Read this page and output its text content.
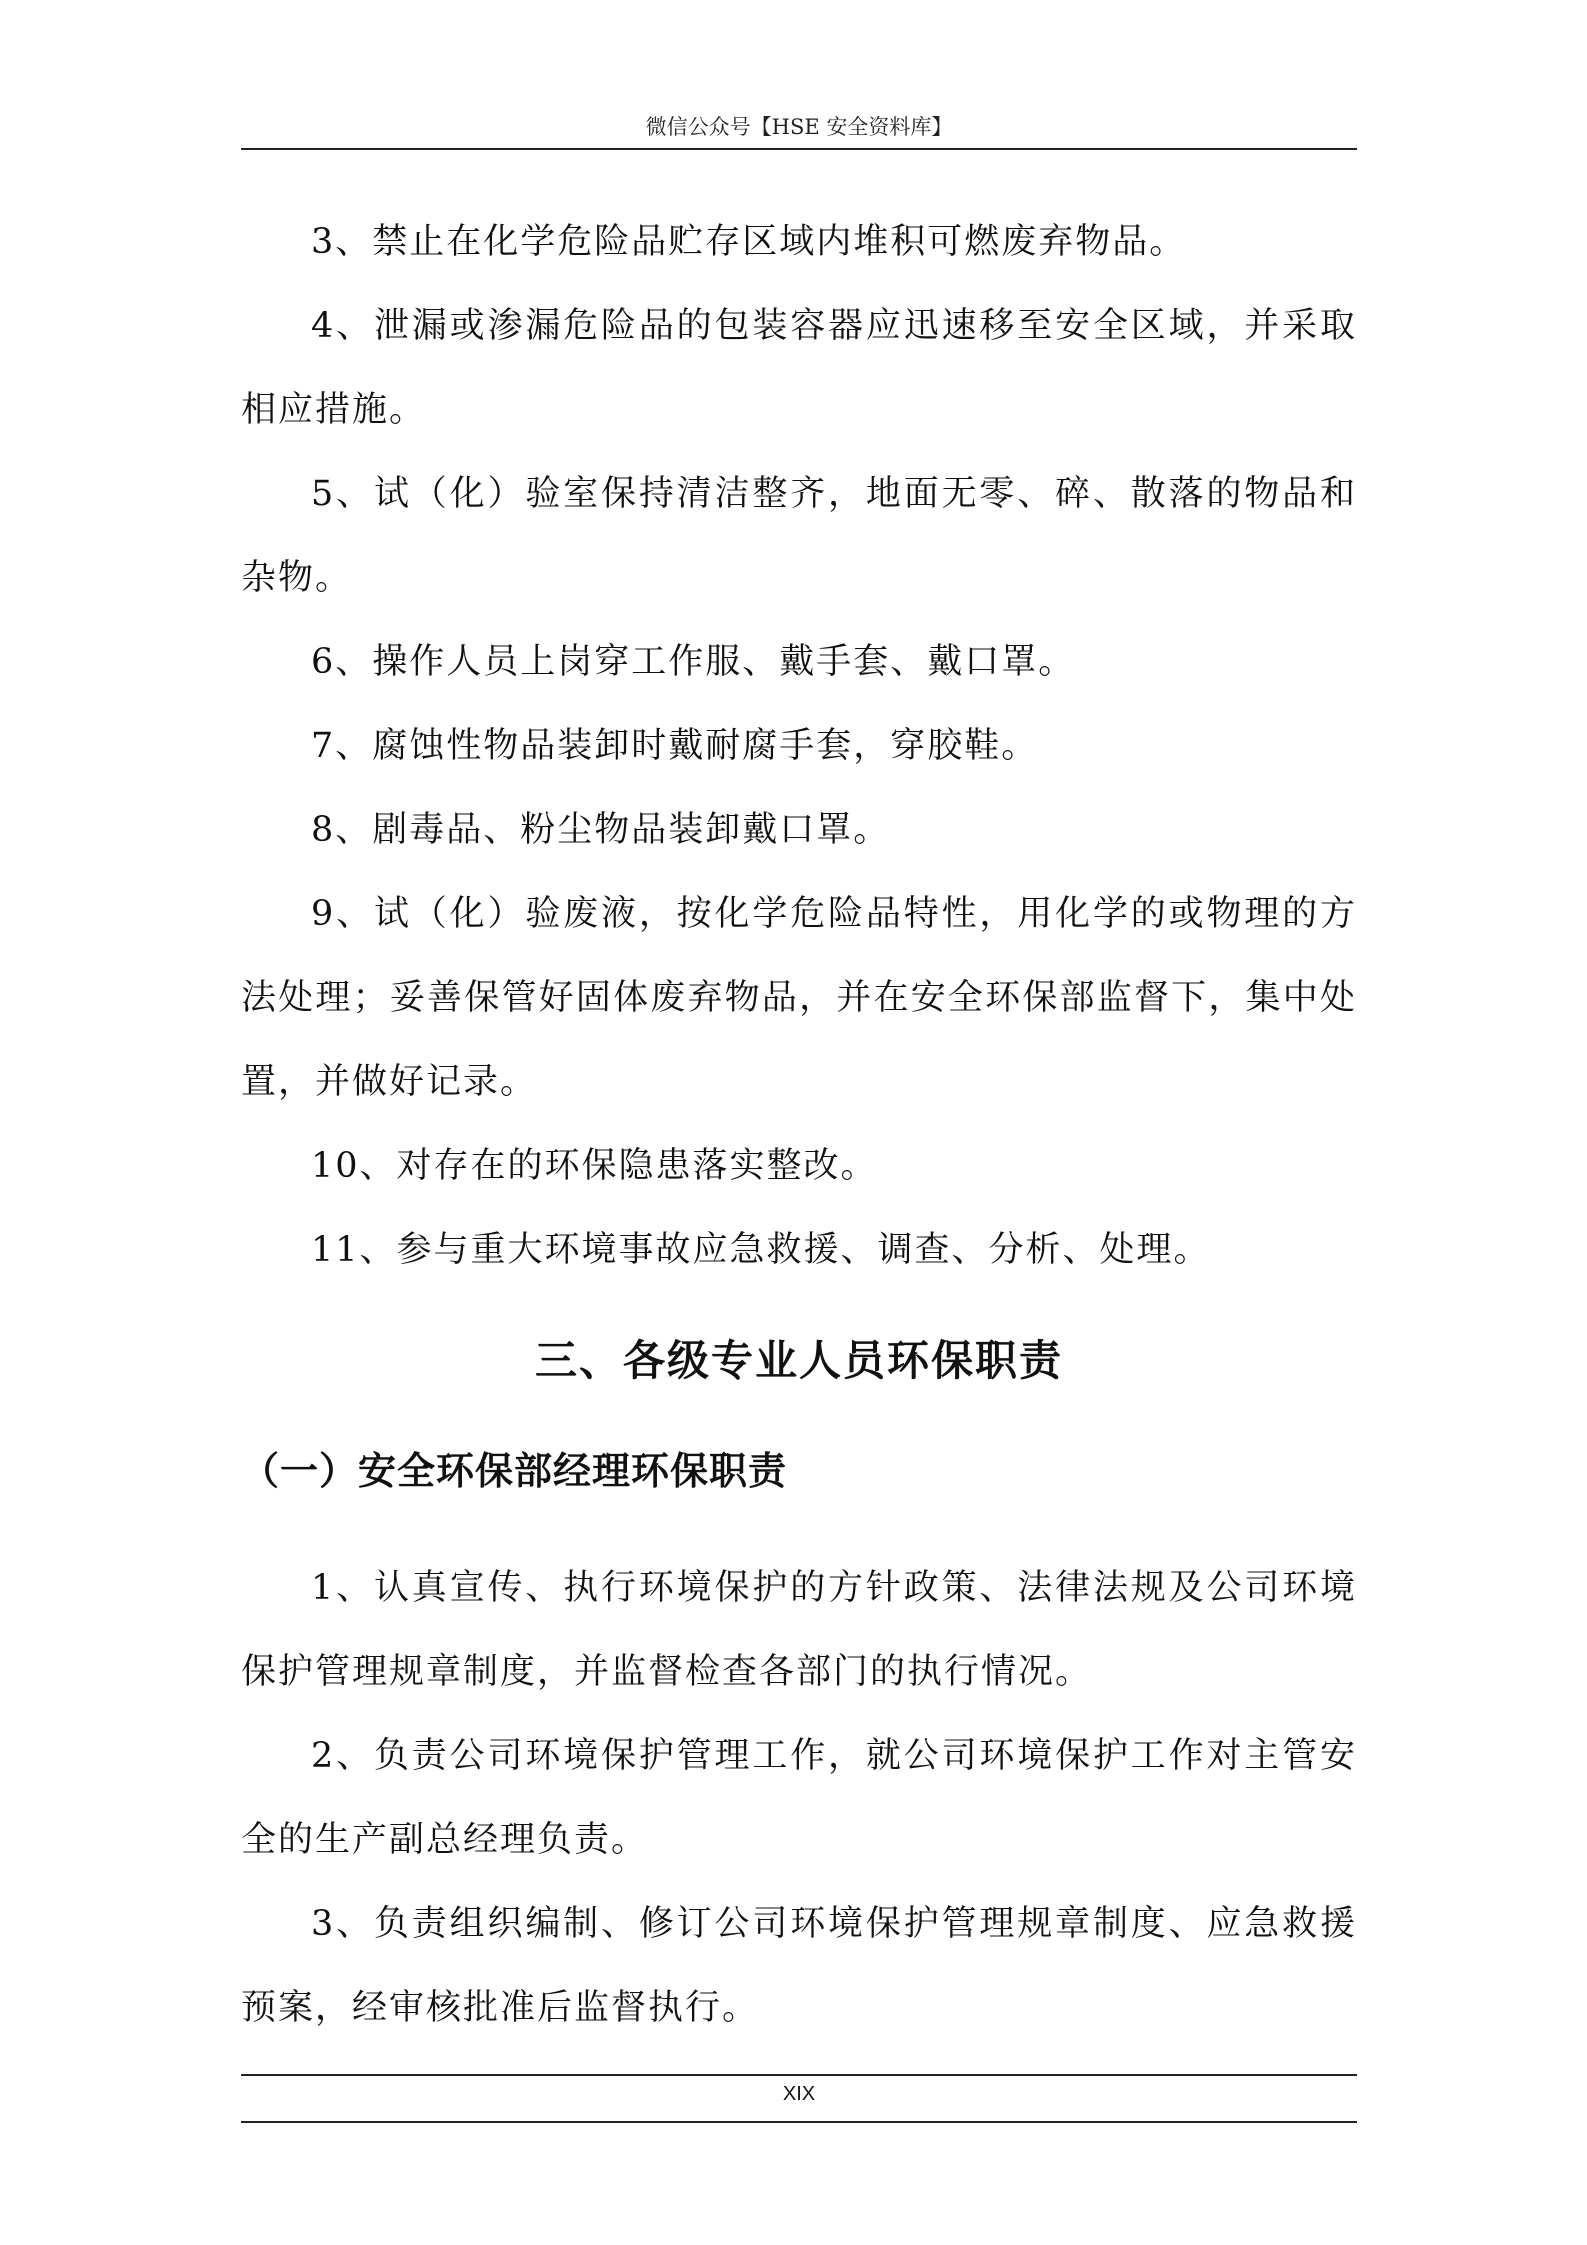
微信公众号【HSE 安全资料库】

3、禁止在化学危险品贮存区域内堆积可燃废弃物品。

4、泄漏或渗漏危险品的包装容器应迅速移至安全区域，并采取相应措施。

5、试（化）验室保持清洁整齐，地面无零、碎、散落的物品和杂物。

6、操作人员上岗穿工作服、戴手套、戴口罩。

7、腐蚀性物品装卸时戴耐腐手套，穿胶鞋。

8、剧毒品、粉尘物品装卸戴口罩。

9、试（化）验废液，按化学危险品特性，用化学的或物理的方法处理；妥善保管好固体废弃物品，并在安全环保部监督下，集中处置，并做好记录。

10、对存在的环保隐患落实整改。

11、参与重大环境事故应急救援、调查、分析、处理。

三、各级专业人员环保职责
（一）安全环保部经理环保职责

1、认真宣传、执行环境保护的方针政策、法律法规及公司环境保护管理规章制度，并监督检查各部门的执行情况。

2、负责公司环境保护管理工作，就公司环境保护工作对主管安全的生产副总经理负责。

3、负责组织编制、修订公司环境保护管理规章制度、应急救援预案，经审核批准后监督执行。

XIX
